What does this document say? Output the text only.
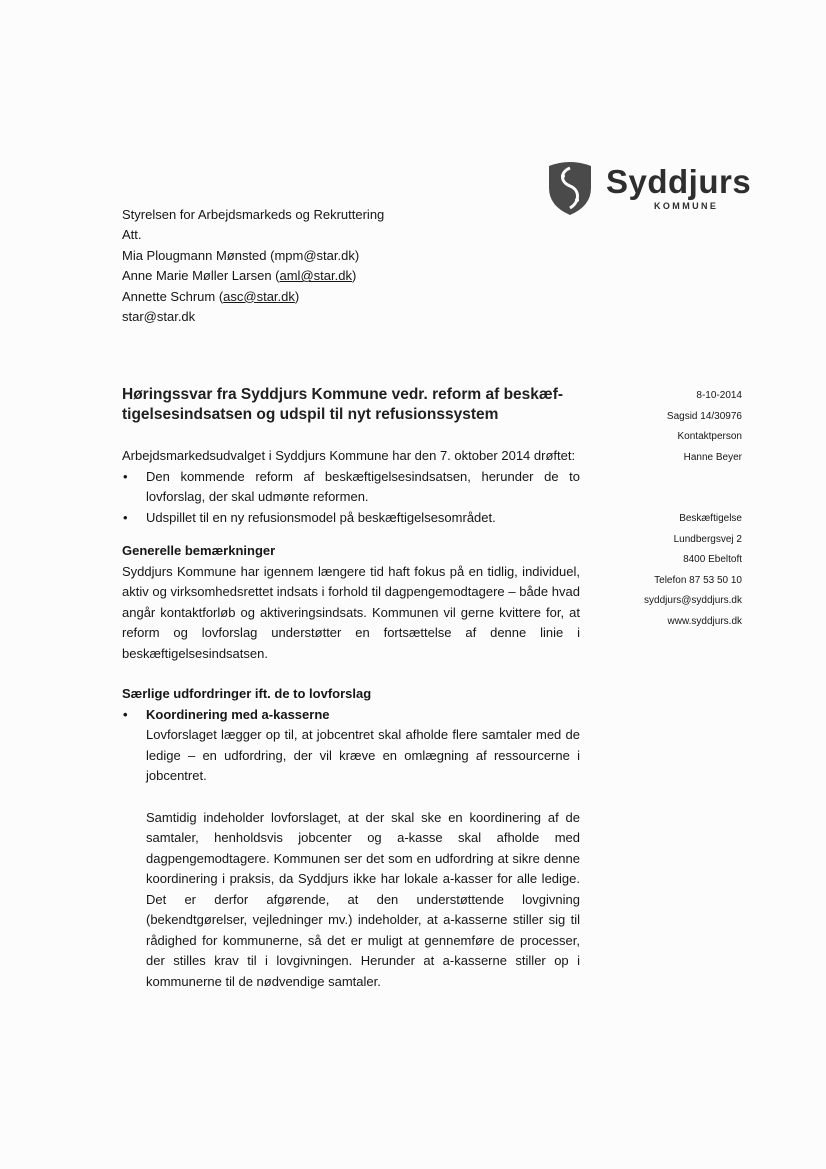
Syddjurs
KOMMUNE
Styrelsen for Arbejdsmarkeds og Rekruttering
Att.
Mia Plougmann Mønsted (mpm@star.dk)
Anne Marie Møller Larsen (aml@star.dk)
Annette Schrum (asc@star.dk)
star@star.dk
Høringssvar fra Syddjurs Kommune vedr. reform af beskæf-tigelsesindsatsen og udspil til nyt refusionssystem
8-10-2014
Sagsid 14/30976
Kontaktperson
Hanne Beyer
Beskæftigelse
Lundbergsvej 2
8400 Ebeltoft
Telefon 87 53 50 10
syddjurs@syddjurs.dk
www.syddjurs.dk

Arbejdsmarkedsudvalget i Syddjurs Kommune har den 7. oktober 2014 drøftet:

• Den kommende reform af beskæftigelsesindsatsen, herunder de to lovforslag, der skal udmønte reformen.
• Udspillet til en ny refusionsmodel på beskæftigelsesområdet.

Generelle bemærkninger

Syddjurs Kommune har igennem længere tid haft fokus på en tidlig, individuel, aktiv og virksomhedsrettet indsats i forhold til dagpengemodtagere – både hvad angår kontaktforløb og aktiveringsindsats. Kommunen vil gerne kvittere for, at reform og lovforslag understøtter en fortsættelse af denne linie i beskæftigelsesindsatsen.

Særlige udfordringer ift. de to lovforslag

• Koordinering med a-kasserne

Lovforslaget lægger op til, at jobcentret skal afholde flere samtaler med de ledige – en udfordring, der vil kræve en omlægning af ressourcerne i jobcentret.

Samtidig indeholder lovforslaget, at der skal ske en koordinering af de samtaler, henholdsvis jobcenter og a-kasse skal afholde med dagpengemodtagere. Kommunen ser det som en udfordring at sikre denne koordinering i praksis, da Syddjurs ikke har lokale a-kasser for alle ledige. Det er derfor afgørende, at den understøttende lovgivning (bekendtgørelser, vejledninger mv.) indeholder, at a-kasserne stiller sig til rådighed for kommunerne, så det er muligt at gennemføre de processer, der stilles krav til i lovgivningen. Herunder at a-kasserne stiller op i kommunerne til de nødvendige samtaler.
